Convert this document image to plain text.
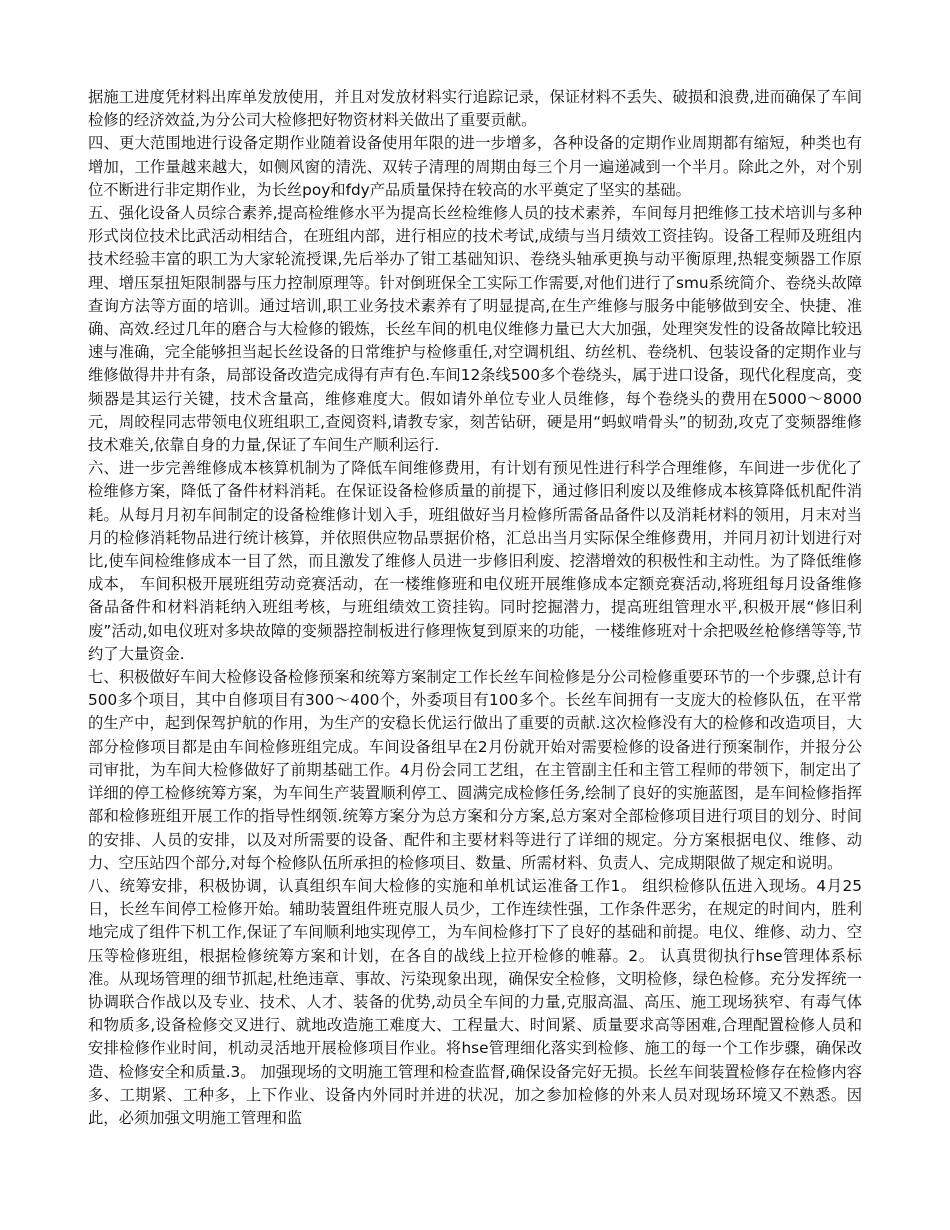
据施工进度凭材料出库单发放使用，并且对发放材料实行追踪记录，保证材料不丢失、破损和浪费,进而确保了车间检修的经济效益,为分公司大检修把好物资材料关做出了重要贡献。

四、更大范围地进行设备定期作业随着设备使用年限的进一步增多，各种设备的定期作业周期都有缩短，种类也有增加，工作量越来越大，如侧风窗的清洗、双转子清理的周期由每三个月一遍递减到一个半月。除此之外，对个别位不断进行非定期作业，为长丝poy和fdy产品质量保持在较高的水平奠定了坚实的基础。

五、强化设备人员综合素养,提高检维修水平为提高长丝检维修人员的技术素养，车间每月把维修工技术培训与多种形式岗位技术比武活动相结合，在班组内部，进行相应的技术考试,成绩与当月绩效工资挂钩。设备工程师及班组内技术经验丰富的职工为大家轮流授课,先后举办了钳工基础知识、卷绕头轴承更换与动平衡原理,热辊变频器工作原理、增压泵扭矩限制器与压力控制原理等。针对倒班保全工实际工作需要,对他们进行了smu系统简介、卷绕头故障查询方法等方面的培训。通过培训,职工业务技术素养有了明显提高,在生产维修与服务中能够做到安全、快捷、准确、高效.经过几年的磨合与大检修的锻炼，长丝车间的机电仪维修力量已大大加强，处理突发性的设备故障比较迅速与准确，完全能够担当起长丝设备的日常维护与检修重任,对空调机组、纺丝机、卷绕机、包装设备的定期作业与维修做得井井有条，局部设备改造完成得有声有色.车间12条线500多个卷绕头，属于进口设备，现代化程度高，变频器是其运行关键，技术含量高，维修难度大。假如请外单位专业人员维修，每个卷绕头的费用在5000～8000元，周皎程同志带领电仪班组职工,查阅资料,请教专家，刻苦钻研，硬是用“蚂蚁啃骨头”的韧劲,攻克了变频器维修技术难关,依靠自身的力量,保证了车间生产顺利运行.

六、进一步完善维修成本核算机制为了降低车间维修费用，有计划有预见性进行科学合理维修，车间进一步优化了检维修方案，降低了备件材料消耗。在保证设备检修质量的前提下，通过修旧利废以及维修成本核算降低机配件消耗。从每月月初车间制定的设备检维修计划入手，班组做好当月检修所需备品备件以及消耗材料的领用，月末对当月的检修消耗物品进行统计核算，并依照供应物品票据价格，汇总出当月实际保全维修费用，并同月初计划进行对比,使车间检维修成本一目了然，而且激发了维修人员进一步修旧利废、挖潜增效的积极性和主动性。为了降低维修成本， 车间积极开展班组劳动竞赛活动，在一楼维修班和电仪班开展维修成本定额竞赛活动,将班组每月设备维修备品备件和材料消耗纳入班组考核，与班组绩效工资挂钩。同时挖掘潜力，提高班组管理水平,积极开展“修旧利废”活动,如电仪班对多块故障的变频器控制板进行修理恢复到原来的功能，一楼维修班对十余把吸丝枪修缮等等,节约了大量资金.

七、积极做好车间大检修设备检修预案和统筹方案制定工作长丝车间检修是分公司检修重要环节的一个步骤,总计有500多个项目，其中自修项目有300～400个，外委项目有100多个。长丝车间拥有一支庞大的检修队伍，在平常的生产中，起到保驾护航的作用，为生产的安稳长优运行做出了重要的贡献.这次检修没有大的检修和改造项目，大部分检修项目都是由车间检修班组完成。车间设备组早在2月份就开始对需要检修的设备进行预案制作，并报分公司审批，为车间大检修做好了前期基础工作。4月份会同工艺组，在主管副主任和主管工程师的带领下，制定出了详细的停工检修统筹方案，为车间生产装置顺利停工、圆满完成检修任务,绘制了良好的实施蓝图，是车间检修指挥部和检修班组开展工作的指导性纲领.统筹方案分为总方案和分方案,总方案对全部检修项目进行项目的划分、时间的安排、人员的安排，以及对所需要的设备、配件和主要材料等进行了详细的规定。分方案根据电仪、维修、动力、空压站四个部分,对每个检修队伍所承担的检修项目、数量、所需材料、负责人、完成期限做了规定和说明。

八、统筹安排，积极协调，认真组织车间大检修的实施和单机试运准备工作1。 组织检修队伍进入现场。4月25日，长丝车间停工检修开始。辅助装置组件班克服人员少，工作连续性强，工作条件恶劣，在规定的时间内，胜利地完成了组件下机工作,保证了车间顺利地实现停工，为车间检修打下了良好的基础和前提。电仪、维修、动力、空压等检修班组，根据检修统筹方案和计划，在各自的战线上拉开检修的帷幕。2。 认真贯彻执行hse管理体系标准。从现场管理的细节抓起,杜绝违章、事故、污染现象出现，确保安全检修，文明检修，绿色检修。充分发挥统一协调联合作战以及专业、技术、人才、装备的优势,动员全车间的力量,克服高温、高压、施工现场狭窄、有毒气体和物质多,设备检修交叉进行、就地改造施工难度大、工程量大、时间紧、质量要求高等困难,合理配置检修人员和安排检修作业时间，机动灵活地开展检修项目作业。将hse管理细化落实到检修、施工的每一个工作步骤，确保改造、检修安全和质量.3。 加强现场的文明施工管理和检查监督,确保设备完好无损。长丝车间装置检修存在检修内容多、工期紧、工种多，上下作业、设备内外同时并进的状况，加之参加检修的外来人员对现场环境又不熟悉。因此，必须加强文明施工管理和监
